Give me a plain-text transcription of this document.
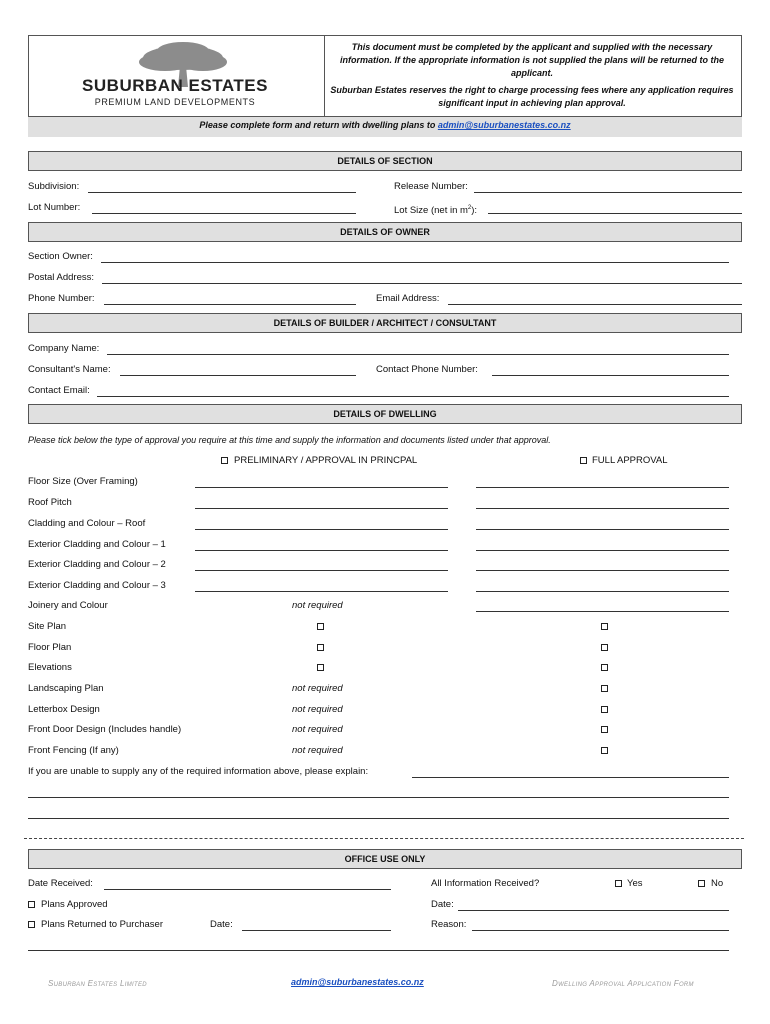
SUBURBAN ESTATES
PREMIUM LAND DEVELOPMENTS
This document must be completed by the applicant and supplied with the necessary information. If the appropriate information is not supplied the plans will be returned to the applicant.
Suburban Estates reserves the right to charge processing fees where any application requires significant input in achieving plan approval.
Please complete form and return with dwelling plans to admin@suburbanestates.co.nz
DETAILS OF SECTION
Subdivision:	Release Number:
Lot Number:	Lot Size (net in $m^2$):
DETAILS OF OWNER
Section Owner:
Postal Address:
Phone Number:	Email Address:
DETAILS OF BUILDER / ARCHITECT / CONSULTANT
Company Name:
Consultant's Name:	Contact Phone Number:
Contact Email:
DETAILS OF DWELLING
Please tick below the type of approval you require at this time and supply the information and documents listed under that approval.
PRELIMINARY / APPROVAL IN PRINCPAL	FULL APPROVAL
Floor Size (Over Framing)
Roof Pitch
Cladding and Colour – Roof
Exterior Cladding and Colour – 1
Exterior Cladding and Colour – 2
Exterior Cladding and Colour – 3
Joinery and Colour	not required
Site Plan
Floor Plan
Elevations
Landscaping Plan	not required
Letterbox Design	not required
Front Door Design (Includes handle)	not required
Front Fencing (If any)	not required
If you are unable to supply any of the required information above, please explain:
OFFICE USE ONLY
Date Received:	All Information Received?	Yes	No
Plans Approved	Date:
Plans Returned to Purchaser	Date:	Reason:
Suburban Estates Limited	admin@suburbanestates.co.nz	Dwelling Approval Application Form
